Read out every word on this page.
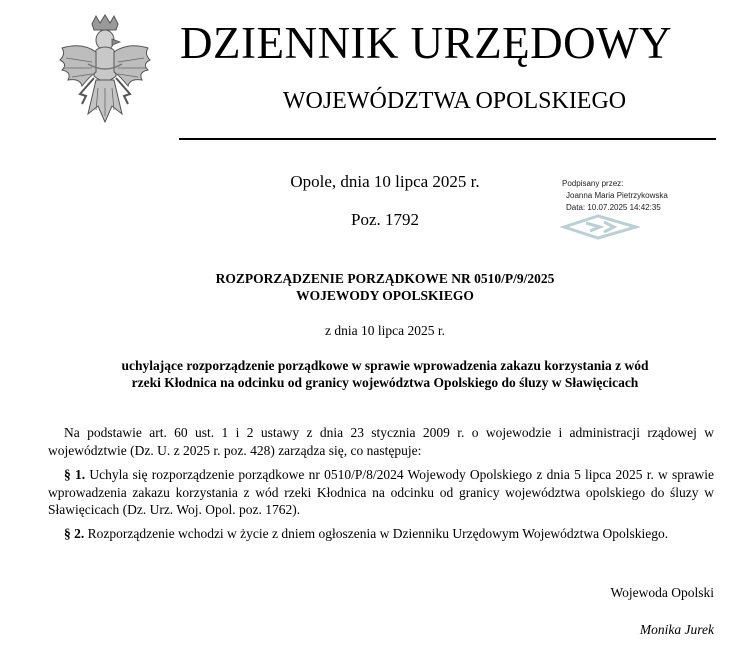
DZIENNIK URZĘDOWY
WOJEWÓDZTWA OPOLSKIEGO
Opole, dnia 10 lipca 2025 r.
Poz. 1792
Podpisany przez:
Joanna Maria Pietrzykowska
Data: 10.07.2025 14:42:35
ROZPORZĄDZENIE PORZĄDKOWE NR 0510/P/9/2025
WOJEWODY OPOLSKIEGO
z dnia 10 lipca 2025 r.
uchylające rozporządzenie porządkowe w sprawie wprowadzenia zakazu korzystania z wód
rzeki Kłodnica na odcinku od granicy województwa Opolskiego do śluzy w Sławięcicach
Na podstawie art. 60 ust. 1 i 2 ustawy z dnia 23 stycznia 2009 r. o wojewodzie i administracji rządowej w województwie (Dz. U. z 2025 r. poz. 428) zarządza się, co następuje:
§ 1. Uchyla się rozporządzenie porządkowe nr 0510/P/8/2024 Wojewody Opolskiego z dnia 5 lipca 2025 r. w sprawie wprowadzenia zakazu korzystania z wód rzeki Kłodnica na odcinku od granicy województwa opolskiego do śluzy w Sławięcicach (Dz. Urz. Woj. Opol. poz. 1762).
§ 2. Rozporządzenie wchodzi w życie z dniem ogłoszenia w Dzienniku Urzędowym Województwa Opolskiego.
Wojewoda Opolski
Monika Jurek
